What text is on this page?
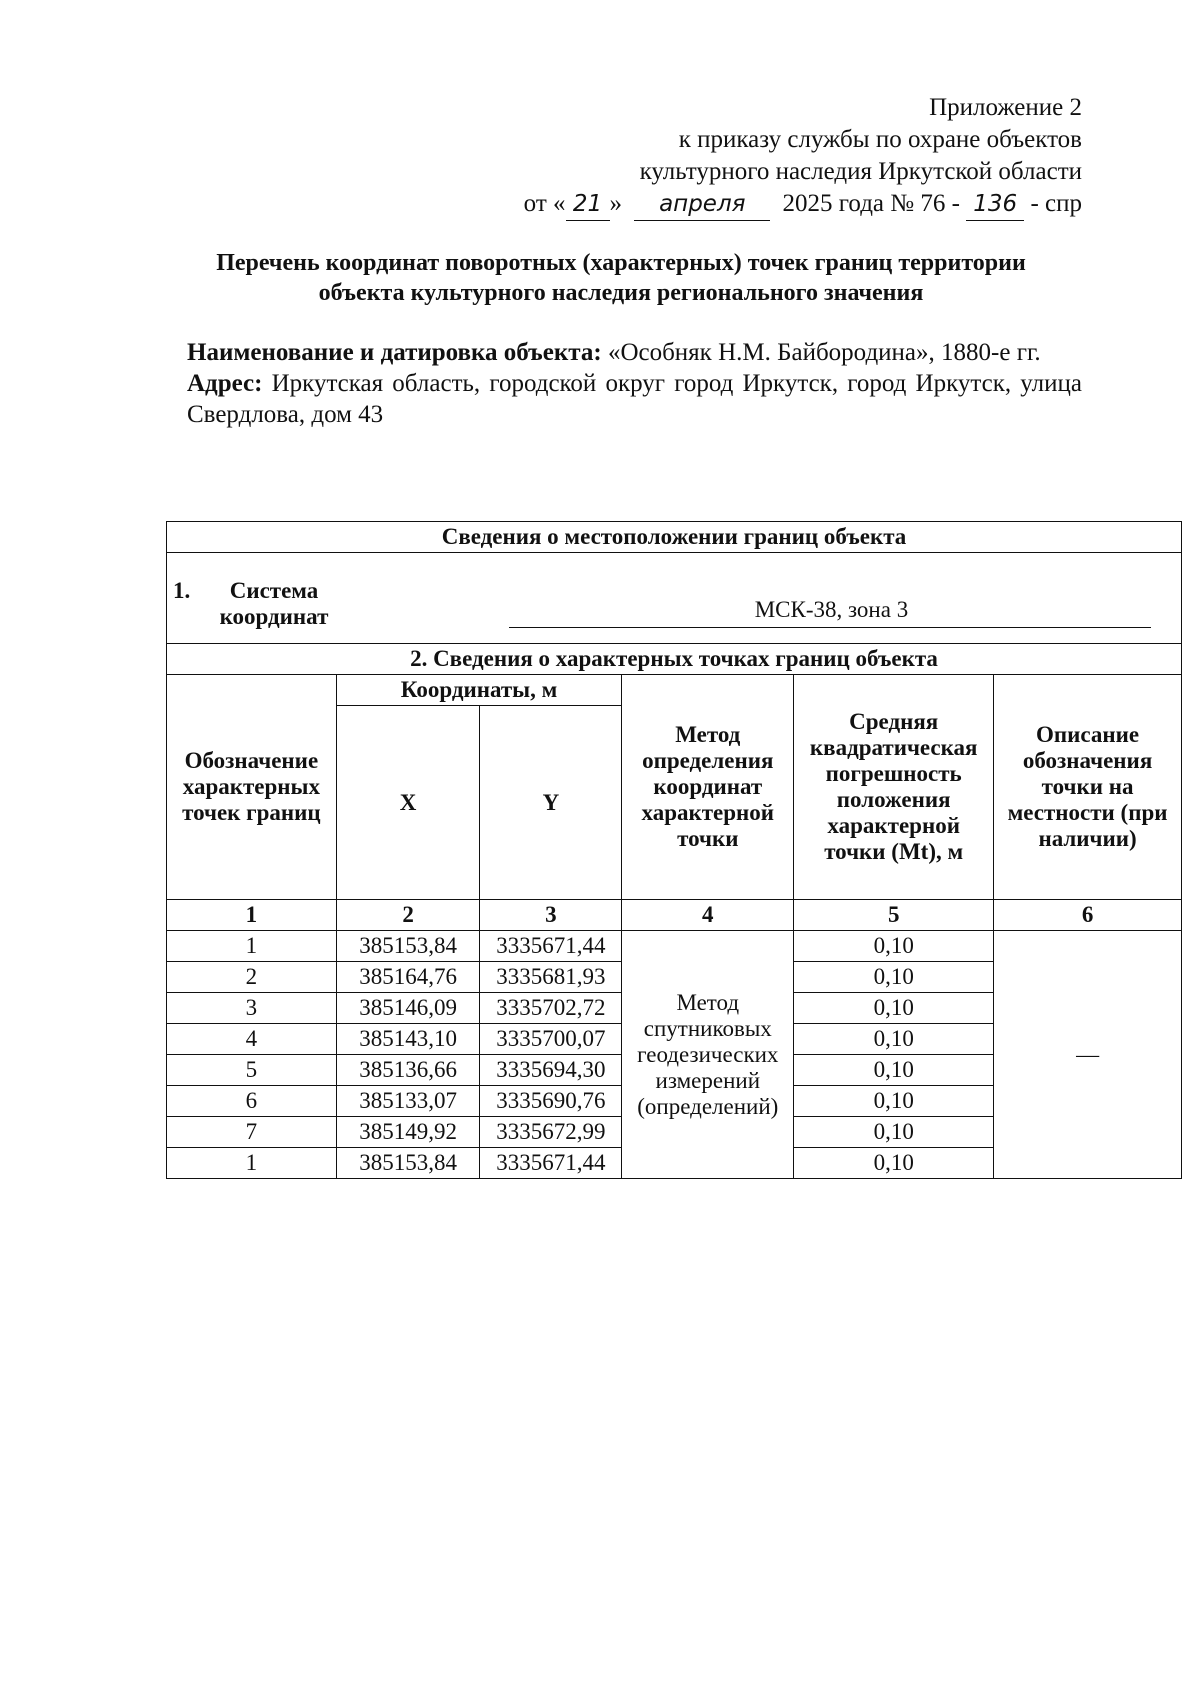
Приложение 2
к приказу службы по охране объектов
культурного наследия Иркутской области
от « 21 » апреля 2025 года № 76 - 136 - спр
Перечень координат поворотных (характерных) точек границ территории
объекта культурного наследия регионального значения
Наименование и датировка объекта: «Особняк Н.М. Байбородина», 1880-е гг.
Адрес: Иркутская область, городской округ город Иркутск, город Иркутск, улица Свердлова, дом 43
Сведения о местоположении границ объекта					

1. Система координат		МСК-38, зона 3			
2. Сведения о характерных точках границ объекта					
Обозначение характерных точек границ	Координаты, м		Метод определения координат характерной точки	Средняя квадратическая погрешность положения характерной точки (Mt), м	Описание обозначения точки на местности (при наличии)
	X	Y			
1	2	3	4	5	6
1	385153,84	3335671,44	Метод спутниковых геодезических измерений (определений)	0,10	—
2	385164,76	3335681,93		0,10	
3	385146,09	3335702,72		0,10	
4	385143,10	3335700,07		0,10	
5	385136,66	3335694,30		0,10	
6	385133,07	3335690,76		0,10	
7	385149,92	3335672,99		0,10	
1	385153,84	3335671,44		0,10	
